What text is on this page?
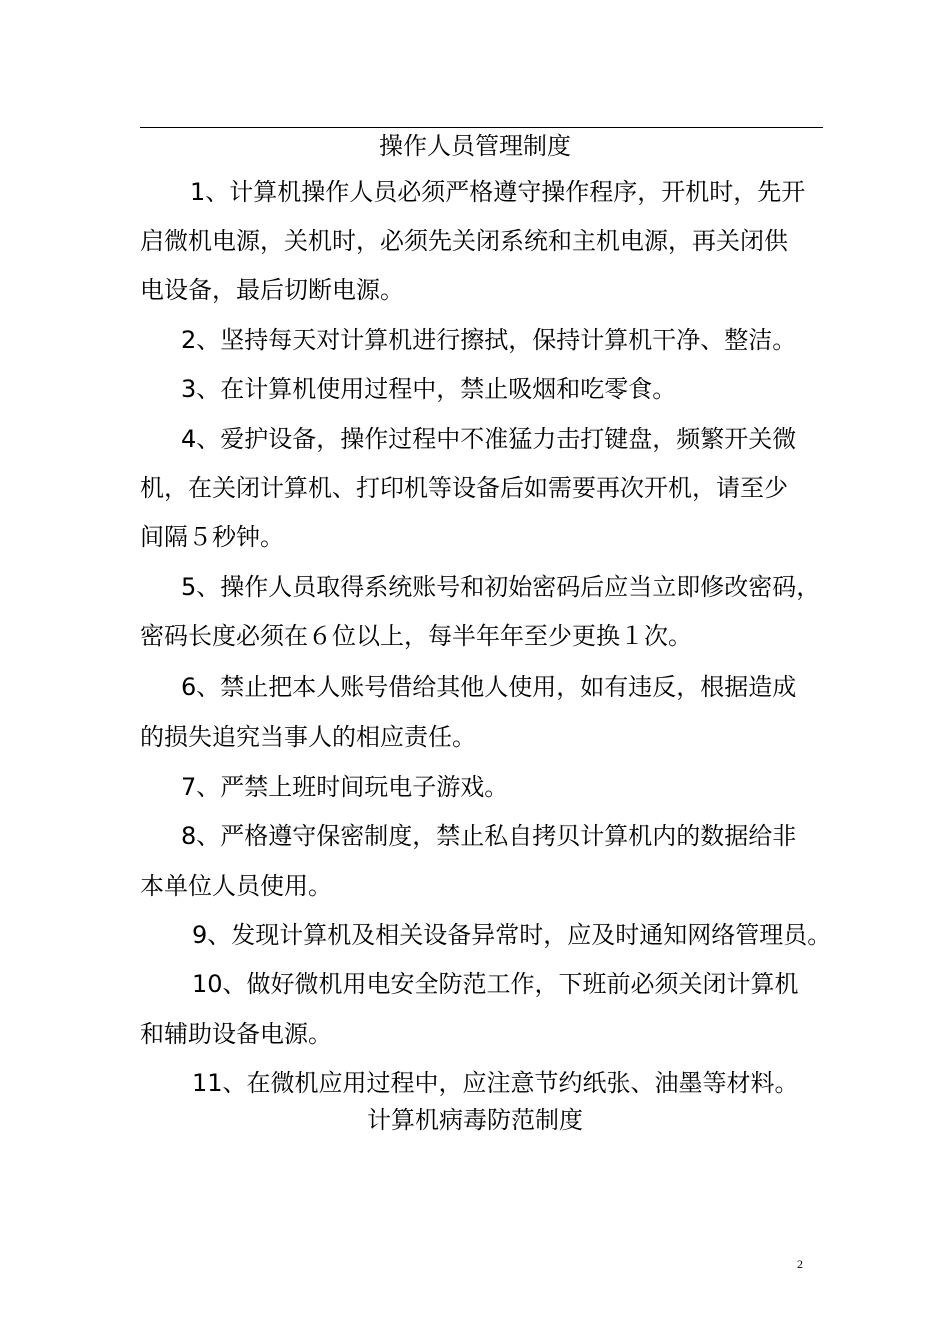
操作人员管理制度
1、计算机操作人员必须严格遵守操作程序，开机时，先开
启微机电源，关机时，必须先关闭系统和主机电源，再关闭供
电设备，最后切断电源。
2、坚持每天对计算机进行擦拭，保持计算机干净、整洁。
3、在计算机使用过程中，禁止吸烟和吃零食。
4、爱护设备，操作过程中不准猛力击打键盘，频繁开关微
机，在关闭计算机、打印机等设备后如需要再次开机，请至少
间隔５秒钟。
5、操作人员取得系统账号和初始密码后应当立即修改密码，
密码长度必须在６位以上，每半年年至少更换１次。
6、禁止把本人账号借给其他人使用，如有违反，根据造成
的损失追究当事人的相应责任。
7、严禁上班时间玩电子游戏。
8、严格遵守保密制度，禁止私自拷贝计算机内的数据给非
本单位人员使用。
9、发现计算机及相关设备异常时，应及时通知网络管理员。
10、做好微机用电安全防范工作，下班前必须关闭计算机
和辅助设备电源。
11、在微机应用过程中，应注意节约纸张、油墨等材料。
计算机病毒防范制度
2
